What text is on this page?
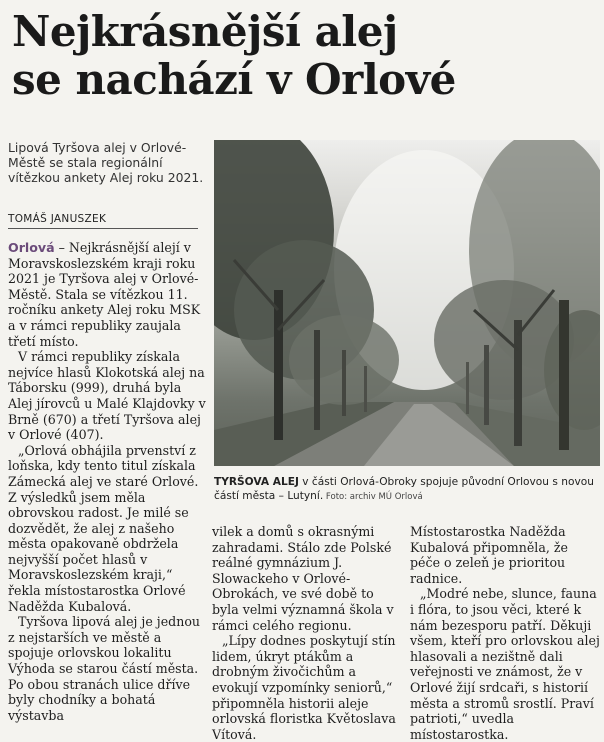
Nejkrásnější alej
se nachází v Orlové
Lipová Tyršova alej v Orlové-Městě se stala regionální vítězkou ankety Alej roku 2021.
TOMÁŠ JANUSZEK

Orlová – Nejkrásnější alejí v Moravskoslezském kraji roku 2021 je Tyršova alej v Orlové-Městě. Stala se vítězkou 11. ročníku ankety Alej roku MSK a v rámci republiky zaujala třetí místo.

V rámci republiky získala nejvíce hlasů Klokotská alej na Táborsku (999), druhá byla Alej jírovců u Malé Klajdovky v Brně (670) a třetí Tyršova alej v Orlové (407).

„Orlová obhájila prvenství z loňska, kdy tento titul získala Zámecká alej ve staré Orlové. Z výsledků jsem měla obrovskou radost. Je milé se dozvědět, že alej z našeho města opakovaně obdržela nejvyšší počet hlasů v Moravskoslezském kraji,“ řekla místostarostka Orlové Naděžda Kubalová.

Tyršova lipová alej je jednou z nejstarších ve městě a spojuje orlovskou lokalitu Výhoda se starou částí města. Po obou stranách ulice dříve byly chodníky a bohatá výstavba

TYRŠOVA ALEJ v části Orlová-Obroky spojuje původní Orlovou s novou částí města – Lutyní. Foto: archiv MÚ Orlová

vilek a domů s okrasnými zahradami. Stálo zde Polské reálné gymnázium J. Slowackeho v Orlové-Obrokách, ve své době to byla velmi významná škola v rámci celého regionu.

„Lípy dodnes poskytují stín lidem, úkryt ptákům a drobným živočichům a evokují vzpomínky seniorů,“ připomněla historii aleje orlovská floristka Květoslava Vítová.

Místostarostka Naděžda Kubalová připomněla, že péče o zeleň je prioritou radnice.

„Modré nebe, slunce, fauna i flóra, to jsou věci, které k nám bezesporu patří. Děkuji všem, kteří pro orlovskou alej hlasovali a nezištně dali veřejnosti ve známost, že v Orlové žijí srdcaři, s historií města a stromů srostlí. Praví patrioti,“ uvedla místostarostka.
